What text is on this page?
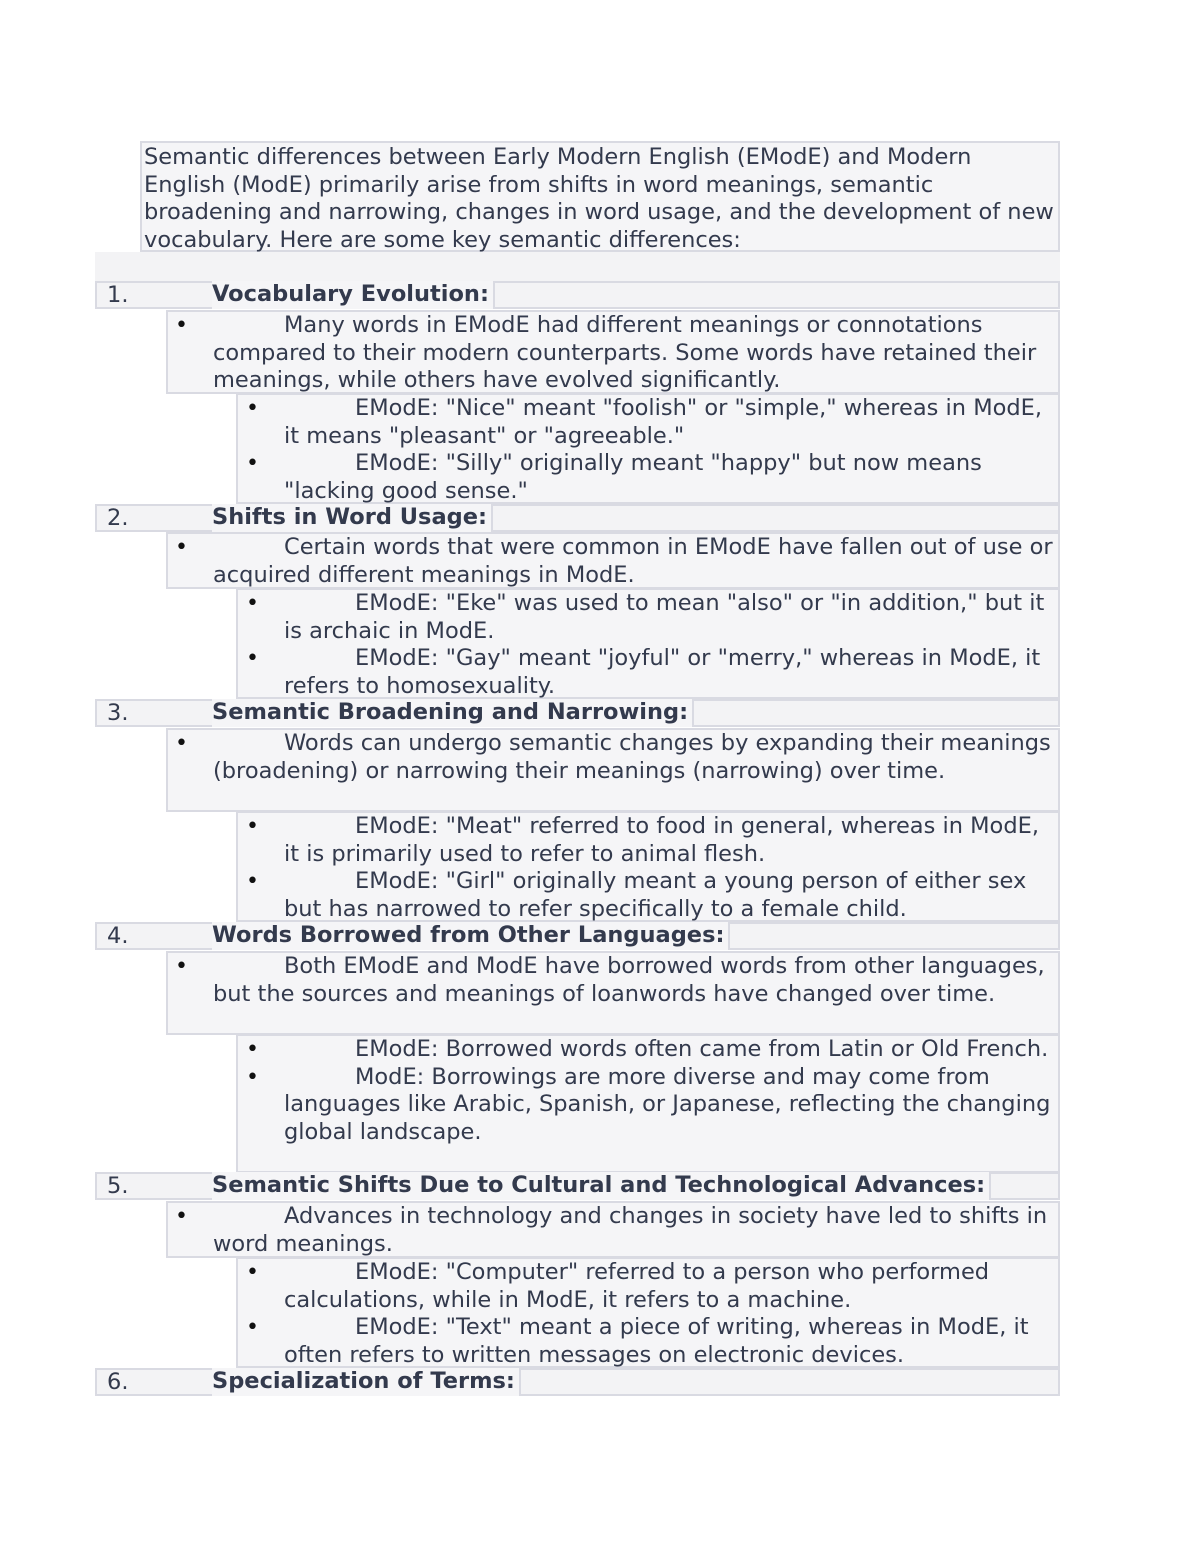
Semantic differences between Early Modern English (EModE) and Modern English (ModE) primarily arise from shifts in word meanings, semantic broadening and narrowing, changes in word usage, and the development of new vocabulary. Here are some key semantic differences:
1.	Vocabulary Evolution:
•	Many words in EModE had different meanings or connotations compared to their modern counterparts. Some words have retained their meanings, while others have evolved significantly.
•	EModE: "Nice" meant "foolish" or "simple," whereas in ModE, it means "pleasant" or "agreeable."
•	EModE: "Silly" originally meant "happy" but now means "lacking good sense."
2.	Shifts in Word Usage:
•	Certain words that were common in EModE have fallen out of use or acquired different meanings in ModE.
•	EModE: "Eke" was used to mean "also" or "in addition," but it is archaic in ModE.
•	EModE: "Gay" meant "joyful" or "merry," whereas in ModE, it refers to homosexuality.
3.	Semantic Broadening and Narrowing:
•	Words can undergo semantic changes by expanding their meanings (broadening) or narrowing their meanings (narrowing) over time.
•	EModE: "Meat" referred to food in general, whereas in ModE, it is primarily used to refer to animal flesh.
•	EModE: "Girl" originally meant a young person of either sex but has narrowed to refer specifically to a female child.
4.	Words Borrowed from Other Languages:
•	Both EModE and ModE have borrowed words from other languages, but the sources and meanings of loanwords have changed over time.
•	EModE: Borrowed words often came from Latin or Old French.
•	ModE: Borrowings are more diverse and may come from languages like Arabic, Spanish, or Japanese, reflecting the changing global landscape.
5.	Semantic Shifts Due to Cultural and Technological Advances:
•	Advances in technology and changes in society have led to shifts in word meanings.
•	EModE: "Computer" referred to a person who performed calculations, while in ModE, it refers to a machine.
•	EModE: "Text" meant a piece of writing, whereas in ModE, it often refers to written messages on electronic devices.
6.	Specialization of Terms:
